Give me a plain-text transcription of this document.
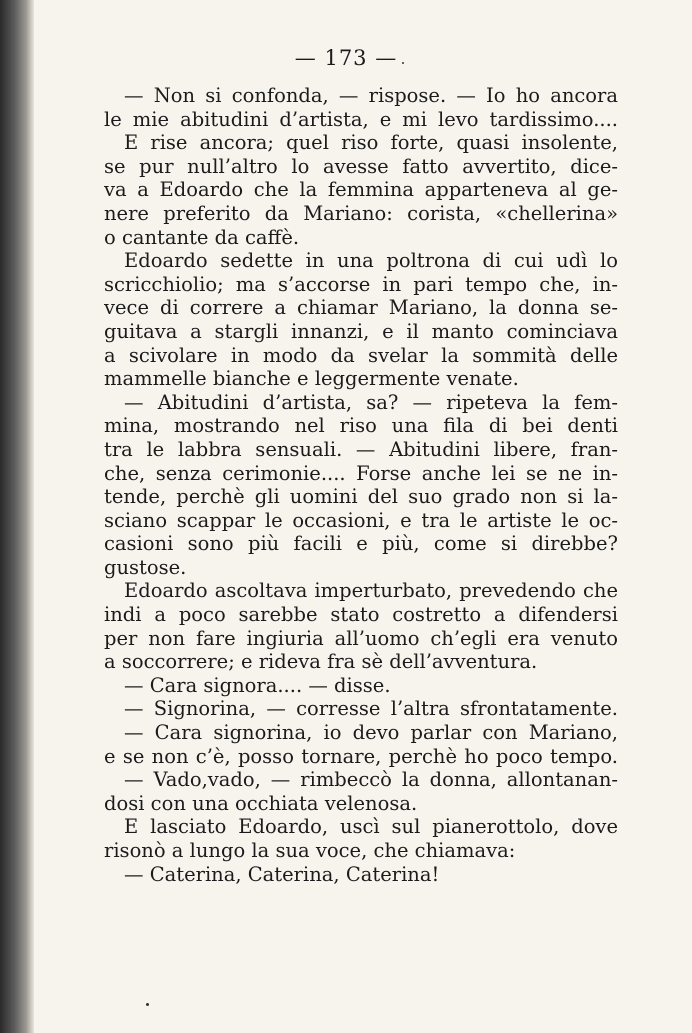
— 173 —
— Non si confonda, — rispose. — Io ho ancora
le mie abitudini d’artista, e mi levo tardissimo....
E rise ancora; quel riso forte, quasi insolente,
se pur null’altro lo avesse fatto avvertito, dice-
va a Edoardo che la femmina apparteneva al ge-
nere preferito da Mariano: corista, «chellerina»
o cantante da caffè.
Edoardo sedette in una poltrona di cui udì lo
scricchiolio; ma s’accorse in pari tempo che, in-
vece di correre a chiamar Mariano, la donna se-
guitava a stargli innanzi, e il manto cominciava
a scivolare in modo da svelar la sommità delle
mammelle bianche e leggermente venate.
— Abitudini d’artista, sa? — ripeteva la fem-
mina, mostrando nel riso una fila di bei denti
tra le labbra sensuali. — Abitudini libere, fran-
che, senza cerimonie.... Forse anche lei se ne in-
tende, perchè gli uomini del suo grado non si la-
sciano scappar le occasioni, e tra le artiste le oc-
casioni sono più facili e più, come si direbbe?
gustose.
Edoardo ascoltava imperturbato, prevedendo che
indi a poco sarebbe stato costretto a difendersi
per non fare ingiuria all’uomo ch’egli era venuto
a soccorrere; e rideva fra sè dell’avventura.
— Cara signora.... — disse.
— Signorina, — corresse l’altra sfrontatamente.
— Cara signorina, io devo parlar con Mariano,
e se non c’è, posso tornare, perchè ho poco tempo.
— Vado,vado, — rimbeccò la donna, allontanan-
dosi con una occhiata velenosa.
E lasciato Edoardo, uscì sul pianerottolo, dove
risonò a lungo la sua voce, che chiamava:
— Caterina, Caterina, Caterina!
